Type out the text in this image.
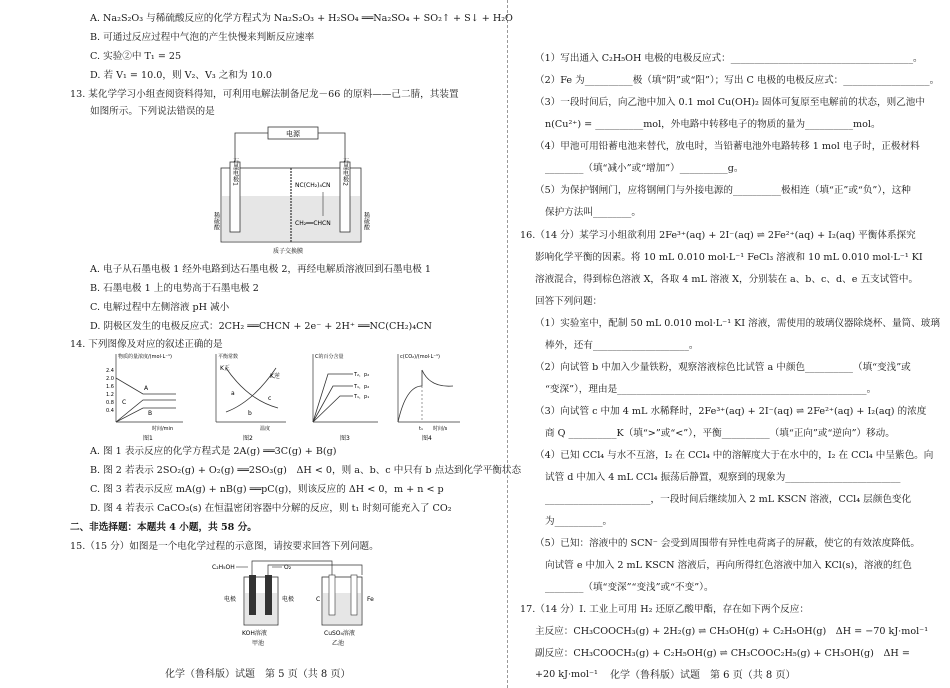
A. Na₂S₂O₃ 与稀硫酸反应的化学方程式为 Na₂S₂O₃ + H₂SO₄ ══Na₂SO₄ + SO₂↑ + S↓ + H₂O
B. 可通过反应过程中气泡的产生快慢来判断反应速率
C. 实验②中 T₁ = 25
D. 若 V₁ = 10.0，则 V₂、V₃ 之和为 10.0
13. 某化学学习小组查阅资料得知，可利用电解法制备尼龙－66 的原料——己二腈，其装置
如图所示。下列说法错误的是
电源
石墨电极1	石墨电极2
稀硫酸	稀硫酸
NC(CH₂)₄CN
CH₂══CHCN
质子交换膜
A. 电子从石墨电极 1 经外电路到达石墨电极 2，再经电解质溶液回到石墨电极 1
B. 石墨电极 1 上的电势高于石墨电极 2
C. 电解过程中左侧溶液 pH 减小
D. 阴极区发生的电极反应式：2CH₂ ══CHCN + 2e⁻ + 2H⁺ ══NC(CH₂)₄CN
14. 下列图像及对应的叙述正确的是
物质的量浓度/(mol·L⁻¹)
2.4
2.0
1.6
1.2
0.8
0.4
A
C
B
时间/min
图1
平衡常数
K正
K逆
a
b
c
温度
图2
C的百分含量
T₂，p₂
T₁，p₂
T₁，p₁
图3
c(CO₂)/(mol·L⁻¹)
t₁ 时间/s
图4
A. 图 1 表示反应的化学方程式是 2A(g) ══3C(g) + B(g)
B. 图 2 若表示 2SO₂(g) + O₂(g) ══2SO₃(g)　ΔH < 0，则 a、b、c 中只有 b 点达到化学平衡状态
C. 图 3 若表示反应 mA(g) + nB(g) ══pC(g)，则该反应的 ΔH < 0，m + n < p
D. 图 4 若表示 CaCO₃(s) 在恒温密闭容器中分解的反应，则 t₁ 时刻可能充入了 CO₂
二、非选择题：本题共 4 小题，共 58 分。
15.（15 分）如图是一个电化学过程的示意图，请按要求回答下列问题。
C₂H₅OH	O₂
电极	电极	C	Fe
KOH溶液
甲池
CuSO₄溶液
乙池
化学（鲁科版）试题　第 5 页（共 8 页）
（1）写出通入 C₂H₅OH 电极的电极反应式：______________________________________。
（2）Fe 为__________极（填“阴”或“阳”）；写出 C 电极的电极反应式：__________________。
（3）一段时间后，向乙池中加入 0.1 mol Cu(OH)₂ 固体可复原至电解前的状态，则乙池中
n(Cu²⁺) = __________mol，外电路中转移电子的物质的量为__________mol。
（4）甲池可用铅蓄电池来替代，放电时，当铅蓄电池外电路转移 1 mol 电子时，正极材料
________（填“减小”或“增加”）__________g。
（5）为保护钢闸门，应将钢闸门与外接电源的__________极相连（填“正”或“负”），这种
保护方法叫________。
16.（14 分）某学习小组欲利用 2Fe³⁺(aq) + 2I⁻(aq) ⇌ 2Fe²⁺(aq) + I₂(aq) 平衡体系探究
影响化学平衡的因素。将 10 mL 0.010 mol·L⁻¹ FeCl₃ 溶液和 10 mL 0.010 mol·L⁻¹ KI
溶液混合，得到棕色溶液 X，各取 4 mL 溶液 X，分别装在 a、b、c、d、e 五支试管中。
回答下列问题：
（1）实验室中，配制 50 mL 0.010 mol·L⁻¹ KI 溶液，需使用的玻璃仪器除烧杯、量筒、玻璃
棒外，还有____________________。
（2）向试管 b 中加入少量铁粉，观察溶液棕色比试管 a 中颜色__________（填“变浅”或
“变深”），理由是____________________________________________________。
（3）向试管 c 中加 4 mL 水稀释时，2Fe³⁺(aq) + 2I⁻(aq) ⇌ 2Fe²⁺(aq) + I₂(aq) 的浓度
商 Q __________K（填“>”或“<”），平衡__________（填“正向”或“逆向”）移动。
（4）已知 CCl₄ 与水不互溶，I₂ 在 CCl₄ 中的溶解度大于在水中的，I₂ 在 CCl₄ 中呈紫色。向
试管 d 中加入 4 mL CCl₄ 振荡后静置，观察到的现象为________________________
______________________，一段时间后继续加入 2 mL KSCN 溶液，CCl₄ 层颜色变化
为__________。
（5）已知：溶液中的 SCN⁻ 会受到周围带有异性电荷离子的屏蔽，使它的有效浓度降低。
向试管 e 中加入 2 mL KSCN 溶液后，再向所得红色溶液中加入 KCl(s)，溶液的红色
________（填“变深”“变浅”或“不变”）。
17.（14 分）Ⅰ. 工业上可用 H₂ 还原乙酸甲酯，存在如下两个反应：
主反应：CH₃COOCH₃(g) + 2H₂(g) ⇌ CH₃OH(g) + C₂H₅OH(g)　ΔH = −70 kJ·mol⁻¹
副反应：CH₃COOCH₃(g) + C₂H₅OH(g) ⇌ CH₃COOC₂H₅(g) + CH₃OH(g)　ΔH =
+20 kJ·mol⁻¹ 化学（鲁科版）试题　第 6 页（共 8 页）
